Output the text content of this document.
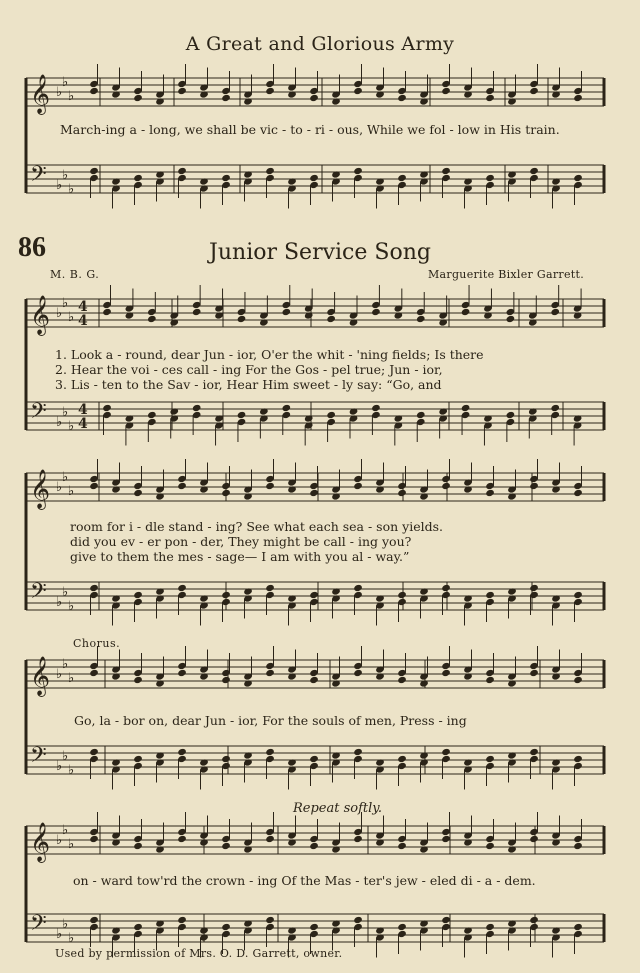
A Great and Glorious Army
March-ing a - long, we shall be vic - to - ri - ous, While we fol - low in His train.
86	Junior Service Song
M. B. G.	Marguerite Bixler Garrett.
1. Look a - round, dear Jun - ior, O'er the whit - 'ning fields; Is there
2. Hear the voi - ces call - ing For the Gos - pel true; Jun - ior,
3. Lis - ten to the Sav - ior, Hear Him sweet - ly say: “Go, and
room for i - dle stand - ing? See what each sea - son yields.
did you ev - er pon - der, They might be call - ing you?
give to them the mes - sage— I am with you al - way.”
Chorus.
Go, la - bor on, dear Jun - ior, For the souls of men, Press - ing
Repeat softly.
on - ward tow'rd the crown - ing Of the Mas - ter's jew - eled di - a - dem.
Used by permission of Mrs. O. D. Garrett, owner.
𝄞
𝄢
♭
♭
♭
♭
♭
♭
𝄞
𝄢
♭
♭
♭
♭
♭
♭
4
4
4
4
𝄞
𝄢
♭
♭
♭
♭
♭
♭
𝄞
𝄢
♭
♭
♭
♭
♭
♭
𝄞
𝄢
♭
♭
♭
♭
♭
♭
